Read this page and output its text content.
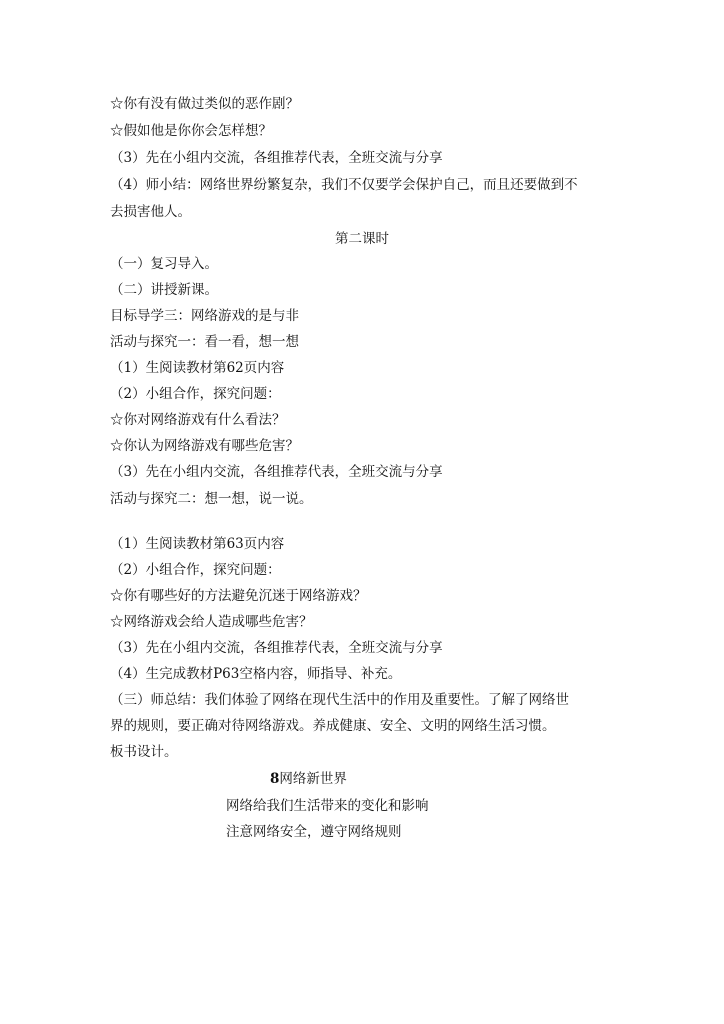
☆你有没有做过类似的恶作剧？
☆假如他是你你会怎样想？
（3）先在小组内交流，各组推荐代表，全班交流与分享
（4）师小结：网络世界纷繁复杂，我们不仅要学会保护自己，而且还要做到不
去损害他人。
第二课时
（一）复习导入。
（二）讲授新课。
目标导学三：网络游戏的是与非
活动与探究一：看一看，想一想
（1）生阅读教材第62页内容
（2）小组合作，探究问题：
☆你对网络游戏有什么看法？
☆你认为网络游戏有哪些危害？
（3）先在小组内交流，各组推荐代表，全班交流与分享
活动与探究二：想一想，说一说。
（1）生阅读教材第63页内容
（2）小组合作，探究问题：
☆你有哪些好的方法避免沉迷于网络游戏？
☆网络游戏会给人造成哪些危害？
（3）先在小组内交流，各组推荐代表，全班交流与分享
（4）生完成教材P63空格内容，师指导、补充。
（三）师总结：我们体验了网络在现代生活中的作用及重要性。了解了网络世
界的规则，要正确对待网络游戏。养成健康、安全、文明的网络生活习惯。
板书设计。
8网络新世界
网络给我们生活带来的变化和影响
注意网络安全，遵守网络规则
